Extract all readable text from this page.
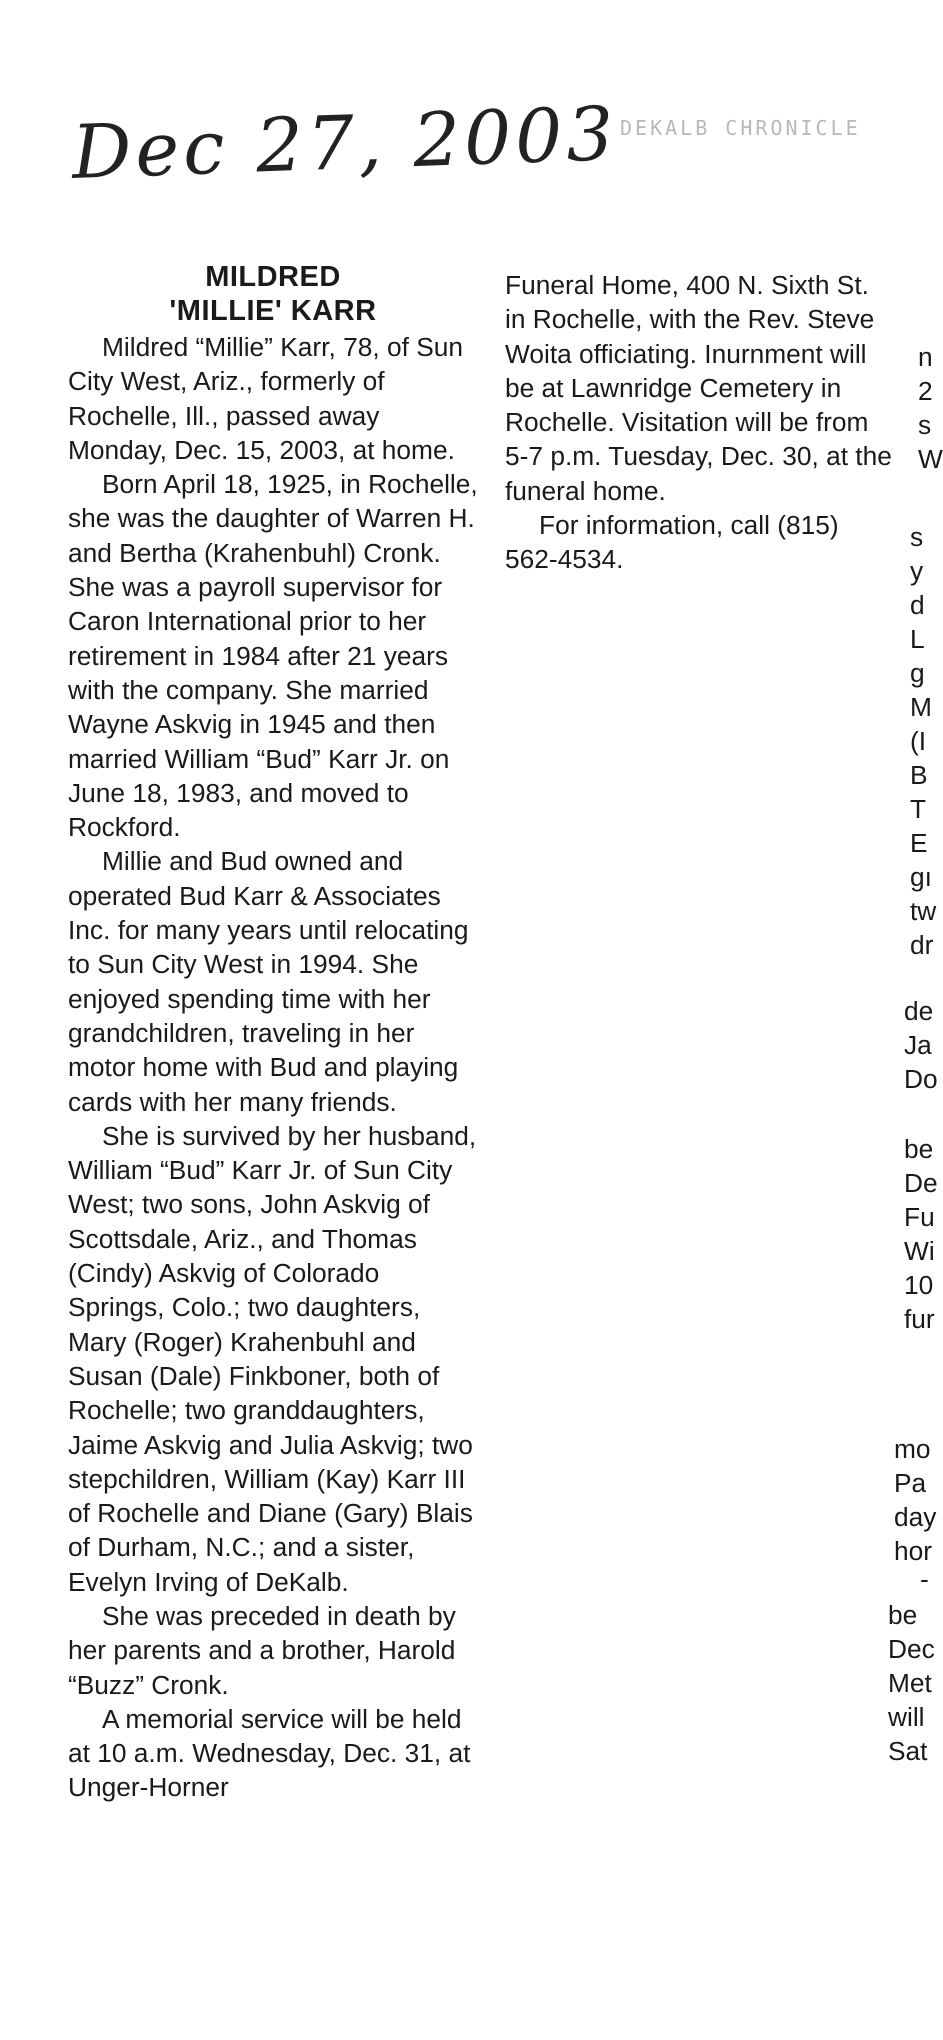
Dec 27, 2003 DEKALB CHRONICLE
MILDRED
'MILLIE' KARR

Mildred “Millie” Karr, 78, of Sun City West, Ariz., formerly of Rochelle, Ill., passed away Monday, Dec. 15, 2003, at home.

Born April 18, 1925, in Rochelle, she was the daughter of Warren H. and Bertha (Krahenbuhl) Cronk. She was a payroll supervisor for Caron International prior to her retirement in 1984 after 21 years with the company. She married Wayne Askvig in 1945 and then married William “Bud” Karr Jr. on June 18, 1983, and moved to Rockford.

Millie and Bud owned and operated Bud Karr & Associates Inc. for many years until relocating to Sun City West in 1994. She enjoyed spending time with her grandchildren, traveling in her motor home with Bud and playing cards with her many friends.

She is survived by her husband, William “Bud” Karr Jr. of Sun City West; two sons, John Askvig of Scottsdale, Ariz., and Thomas (Cindy) Askvig of Colorado Springs, Colo.; two daughters, Mary (Roger) Krahenbuhl and Susan (Dale) Finkboner, both of Rochelle; two granddaughters, Jaime Askvig and Julia Askvig; two stepchildren, William (Kay) Karr III of Rochelle and Diane (Gary) Blais of Durham, N.C.; and a sister, Evelyn Irving of DeKalb.

She was preceded in death by her parents and a brother, Harold “Buzz” Cronk.

A memorial service will be held at 10 a.m. Wednesday, Dec. 31, at Unger-Horner

Funeral Home, 400 N. Sixth St. in Rochelle, with the Rev. Steve Woita officiating. Inurnment will be at Lawnridge Cemetery in Rochelle. Visitation will be from 5-7 p.m. Tuesday, Dec. 30, at the funeral home.

For information, call (815) 562-4534.

n
2
s
W
s
y
d
L
g
M
(I
B
T
E
gı
tw
dr
de
Ja
Do
be
De
Fu
Wi
10
fur
mo
Pa
day
hor
-
be
Dec
Met
will
Sat
